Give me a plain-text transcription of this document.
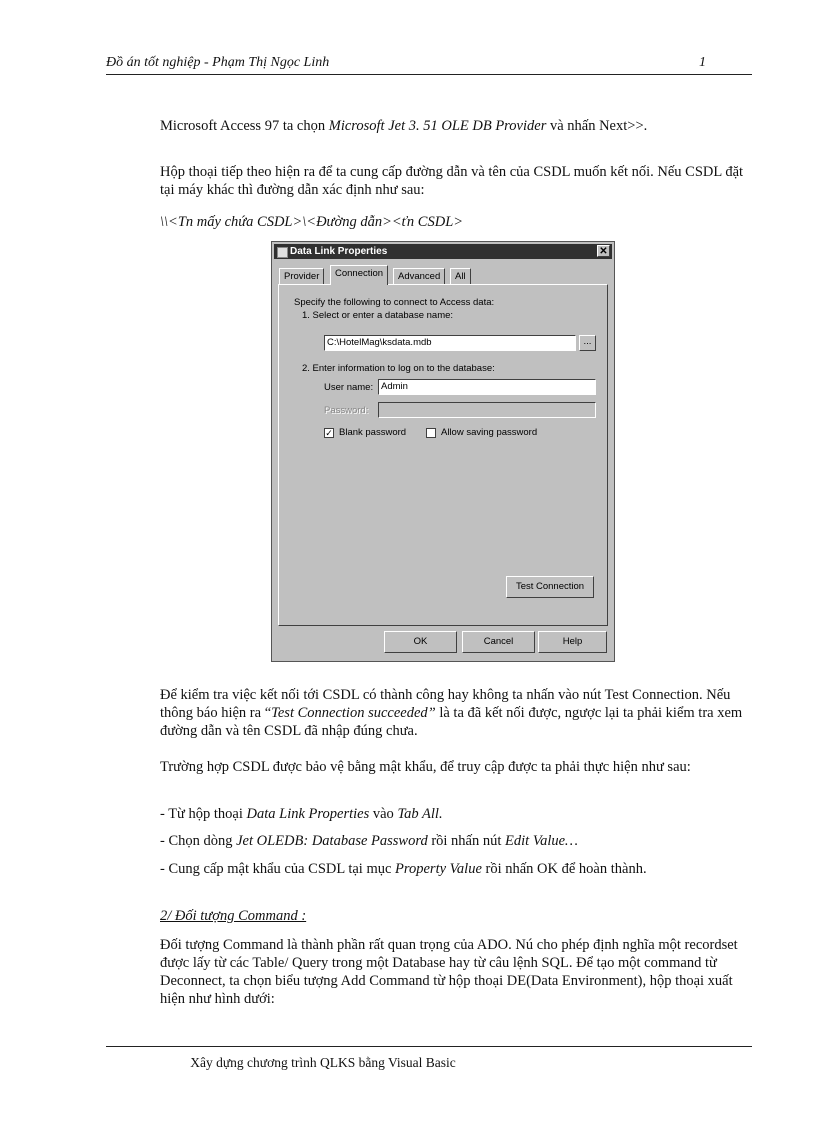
Đồ án tốt nghiệp - Phạm Thị Ngọc Linh	1
Microsoft Access 97 ta chọn Microsoft Jet 3. 51 OLE DB Provider và nhấn Next>>.
Hộp thoại tiếp theo hiện ra để ta cung cấp đường dẫn và tên của CSDL muốn kết nối. Nếu CSDL đặt tại máy khác thì đường dẫn xác định như sau:
\\<Tn mấy chứa CSDL>\<Đường dẫn><ťn CSDL>
Data Link Properties	✕
Provider	Connection	Advanced	All
Specify the following to connect to Access data:
1. Select or enter a database name:
C:\HotelMag\ksdata.mdb	...
2. Enter information to log on to the database:
User name: Admin
Password:
✓ Blank password	Allow saving password
Test Connection
OK	Cancel	Help
Để kiểm tra việc kết nối tới CSDL có thành công hay không ta nhấn vào nút Test Connection. Nếu thông báo hiện ra “Test Connection succeeded” là ta đã kết nối được, ngược lại ta phải kiểm tra xem đường dẫn và tên CSDL đã nhập đúng chưa.
Trường hợp CSDL được bảo vệ bằng mật khẩu, để truy cập được ta phải thực hiện như sau:
- Từ hộp thoại Data Link Properties vào Tab All.
- Chọn dòng Jet OLEDB: Database Password rồi nhấn nút Edit Value…
- Cung cấp mật khẩu của CSDL tại mục Property Value rồi nhấn OK để hoàn thành.
2/ Đối tượng Command :
Đối tượng Command là thành phần rất quan trọng của ADO. Nú cho phép định nghĩa một recordset được lấy từ các Table/ Query trong một Database hay từ câu lệnh SQL. Để tạo một command từ Deconnect, ta chọn biểu tượng Add Command từ hộp thoại DE(Data Environment), hộp thoại xuất hiện như hình dưới:
Xây dựng chương trình QLKS bằng Visual Basic
